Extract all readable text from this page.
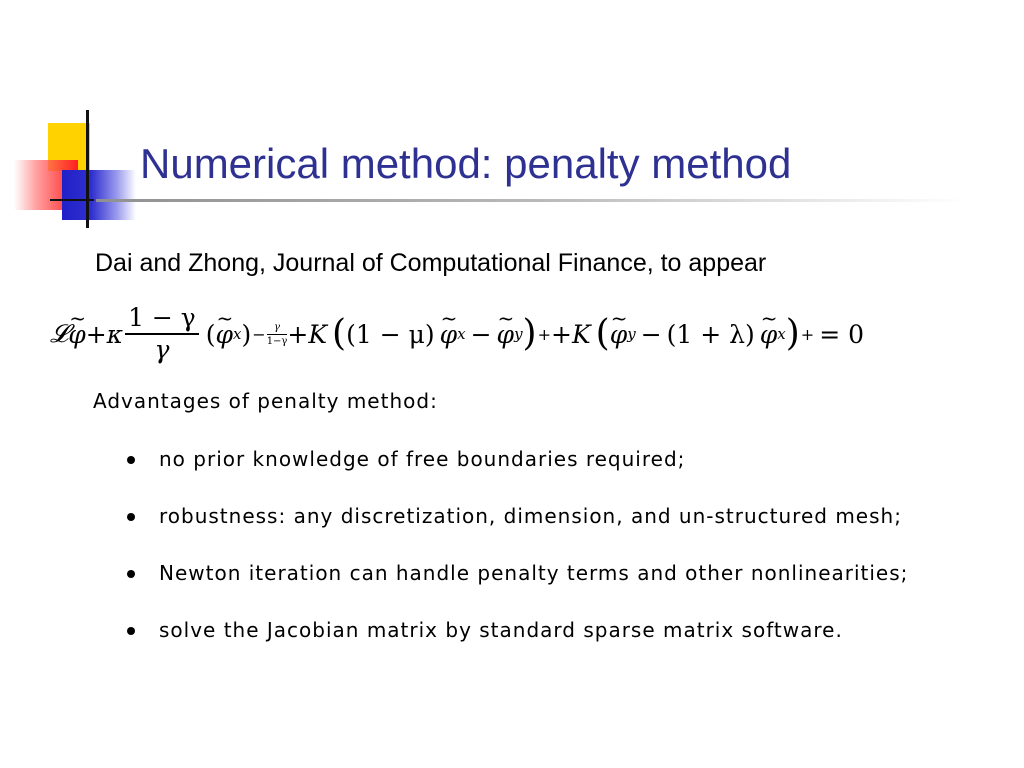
Numerical method: penalty method
Dai and Zhong, Journal of Computational Finance, to appear
𝓛 ~ φ + κ $\frac{1 - \gamma}{\gamma}$ ( ~ φ x ) − γ
1−γ + K ( (1 − μ) ~ φ x − ~ φ y ) + + K ( ~ φ y − (1 + λ) ~ φ x ) + = 0
Advantages of penalty method:
no prior knowledge of free boundaries required;
robustness: any discretization, dimension, and un-structured mesh;
Newton iteration can handle penalty terms and other nonlinearities;
solve the Jacobian matrix by standard sparse matrix software.
